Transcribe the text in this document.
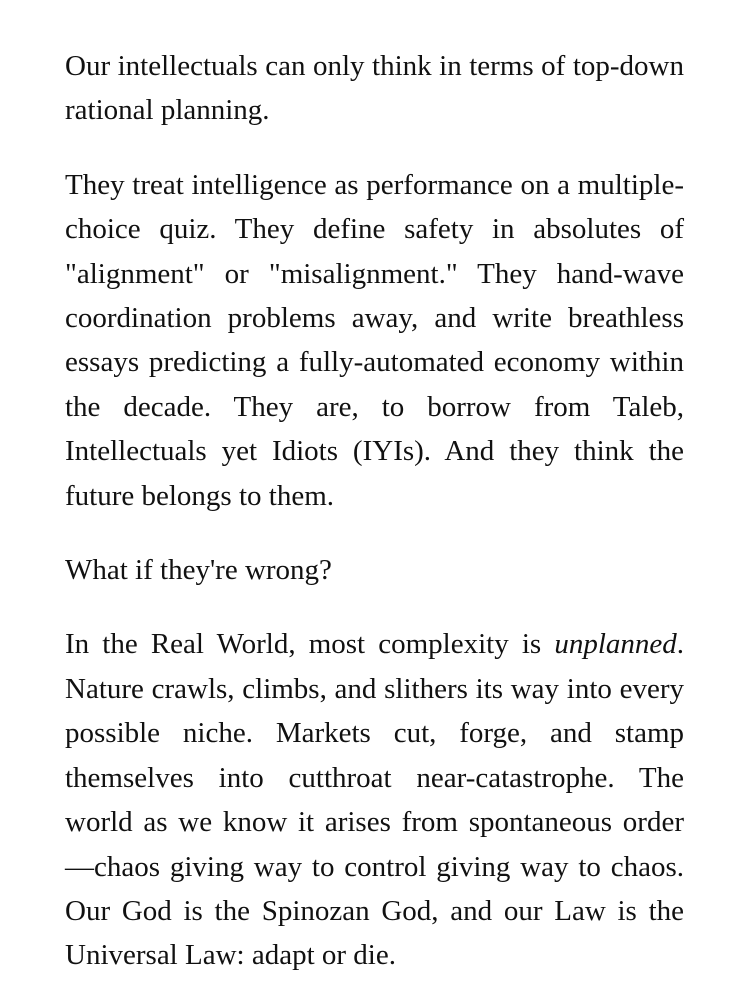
Our intellectuals can only think in terms of top-down rational planning.

They treat intelligence as performance on a multiple-choice quiz. They define safety in absolutes of "alignment" or "misalignment." They hand-wave coordination problems away, and write breathless essays predicting a fully-automated economy within the decade. They are, to borrow from Taleb, Intellectuals yet Idiots (IYIs). And they think the future belongs to them.

What if they're wrong?

In the Real World, most complexity is unplanned. Nature crawls, climbs, and slithers its way into every possible niche. Markets cut, forge, and stamp themselves into cutthroat near-catastrophe. The world as we know it arises from spontaneous order —chaos giving way to control giving way to chaos. Our God is the Spinozan God, and our Law is the Universal Law: adapt or die.
